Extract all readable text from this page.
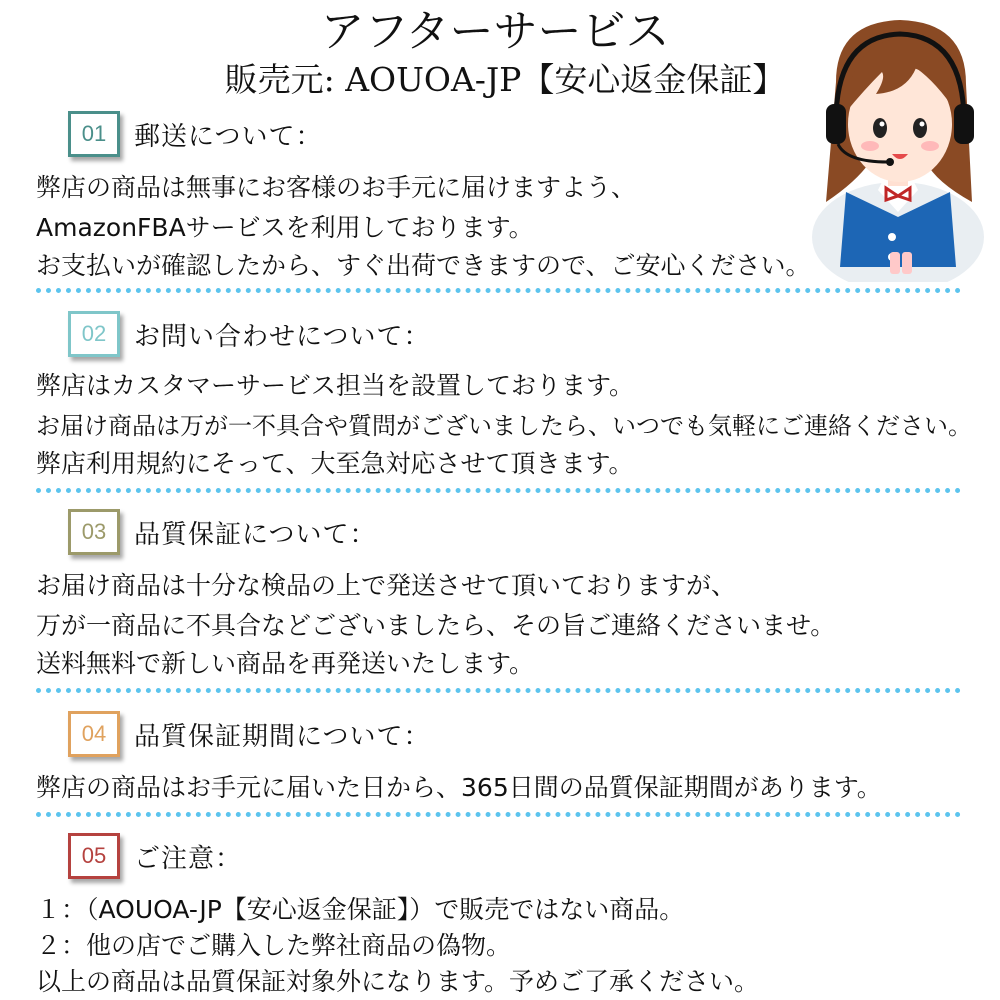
アフターサービス
販売元: AOUOA-JP【安心返金保証】
01	郵送について：
弊店の商品は無事にお客様のお手元に届けますよう、
AmazonFBAサービスを利用しております。
お支払いが確認したから、すぐ出荷できますので、ご安心ください。
02	お問い合わせについて：
弊店はカスタマーサービス担当を設置しております。
お届け商品は万が一不具合や質問がございましたら、いつでも気軽にご連絡ください。
弊店利用規約にそって、大至急対応させて頂きます。
03	品質保証について：
お届け商品は十分な検品の上で発送させて頂いておりますが、
万が一商品に不具合などございましたら、その旨ご連絡くださいませ。
送料無料で新しい商品を再発送いたします。
04	品質保証期間について：
弊店の商品はお手元に届いた日から、365日間の品質保証期間があります。
05	ご注意：
１：（AOUOA-JP【安心返金保証】）で販売ではない商品。
２：他の店でご購入した弊社商品の偽物。
以上の商品は品質保証対象外になります。予めご了承ください。
